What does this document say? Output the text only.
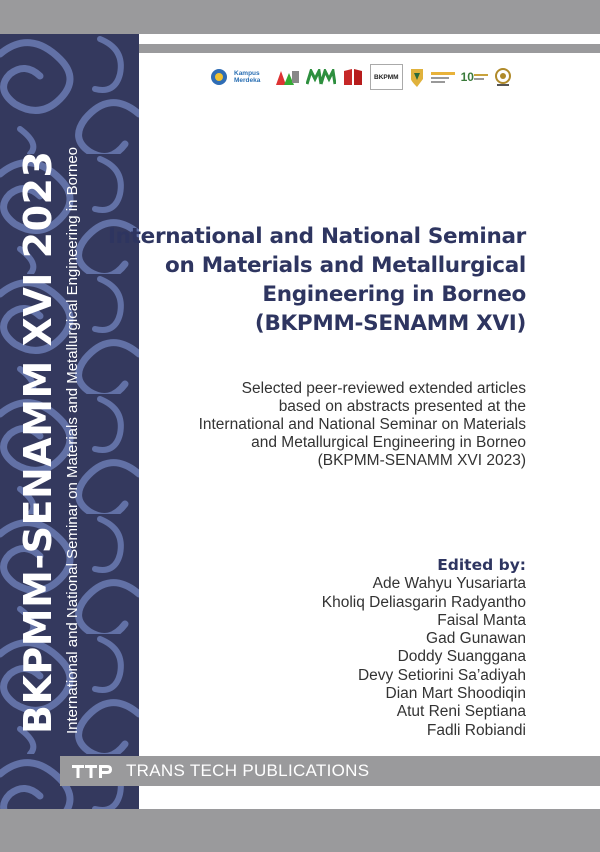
BKPMM-SENAMM XVI 2023 International and National Seminar on Materials and Metallurgical Engineering in Borneo
Kampus Merdeka	BKPMM	10
International and National Seminar
on Materials and Metallurgical
Engineering in Borneo
(BKPMM-SENAMM XVI)
Selected peer-reviewed extended articles
based on abstracts presented at the
International and National Seminar on Materials
and Metallurgical Engineering in Borneo
(BKPMM-SENAMM XVI 2023)
Edited by:
Ade Wahyu Yusariarta
Kholiq Deliasgarin Radyantho
Faisal Manta
Gad Gunawan
Doddy Suanggana
Devy Setiorini Sa’adiyah
Dian Mart Shoodiqin
Atut Reni Septiana
Fadli Robiandi
TRANS TECH PUBLICATIONS
